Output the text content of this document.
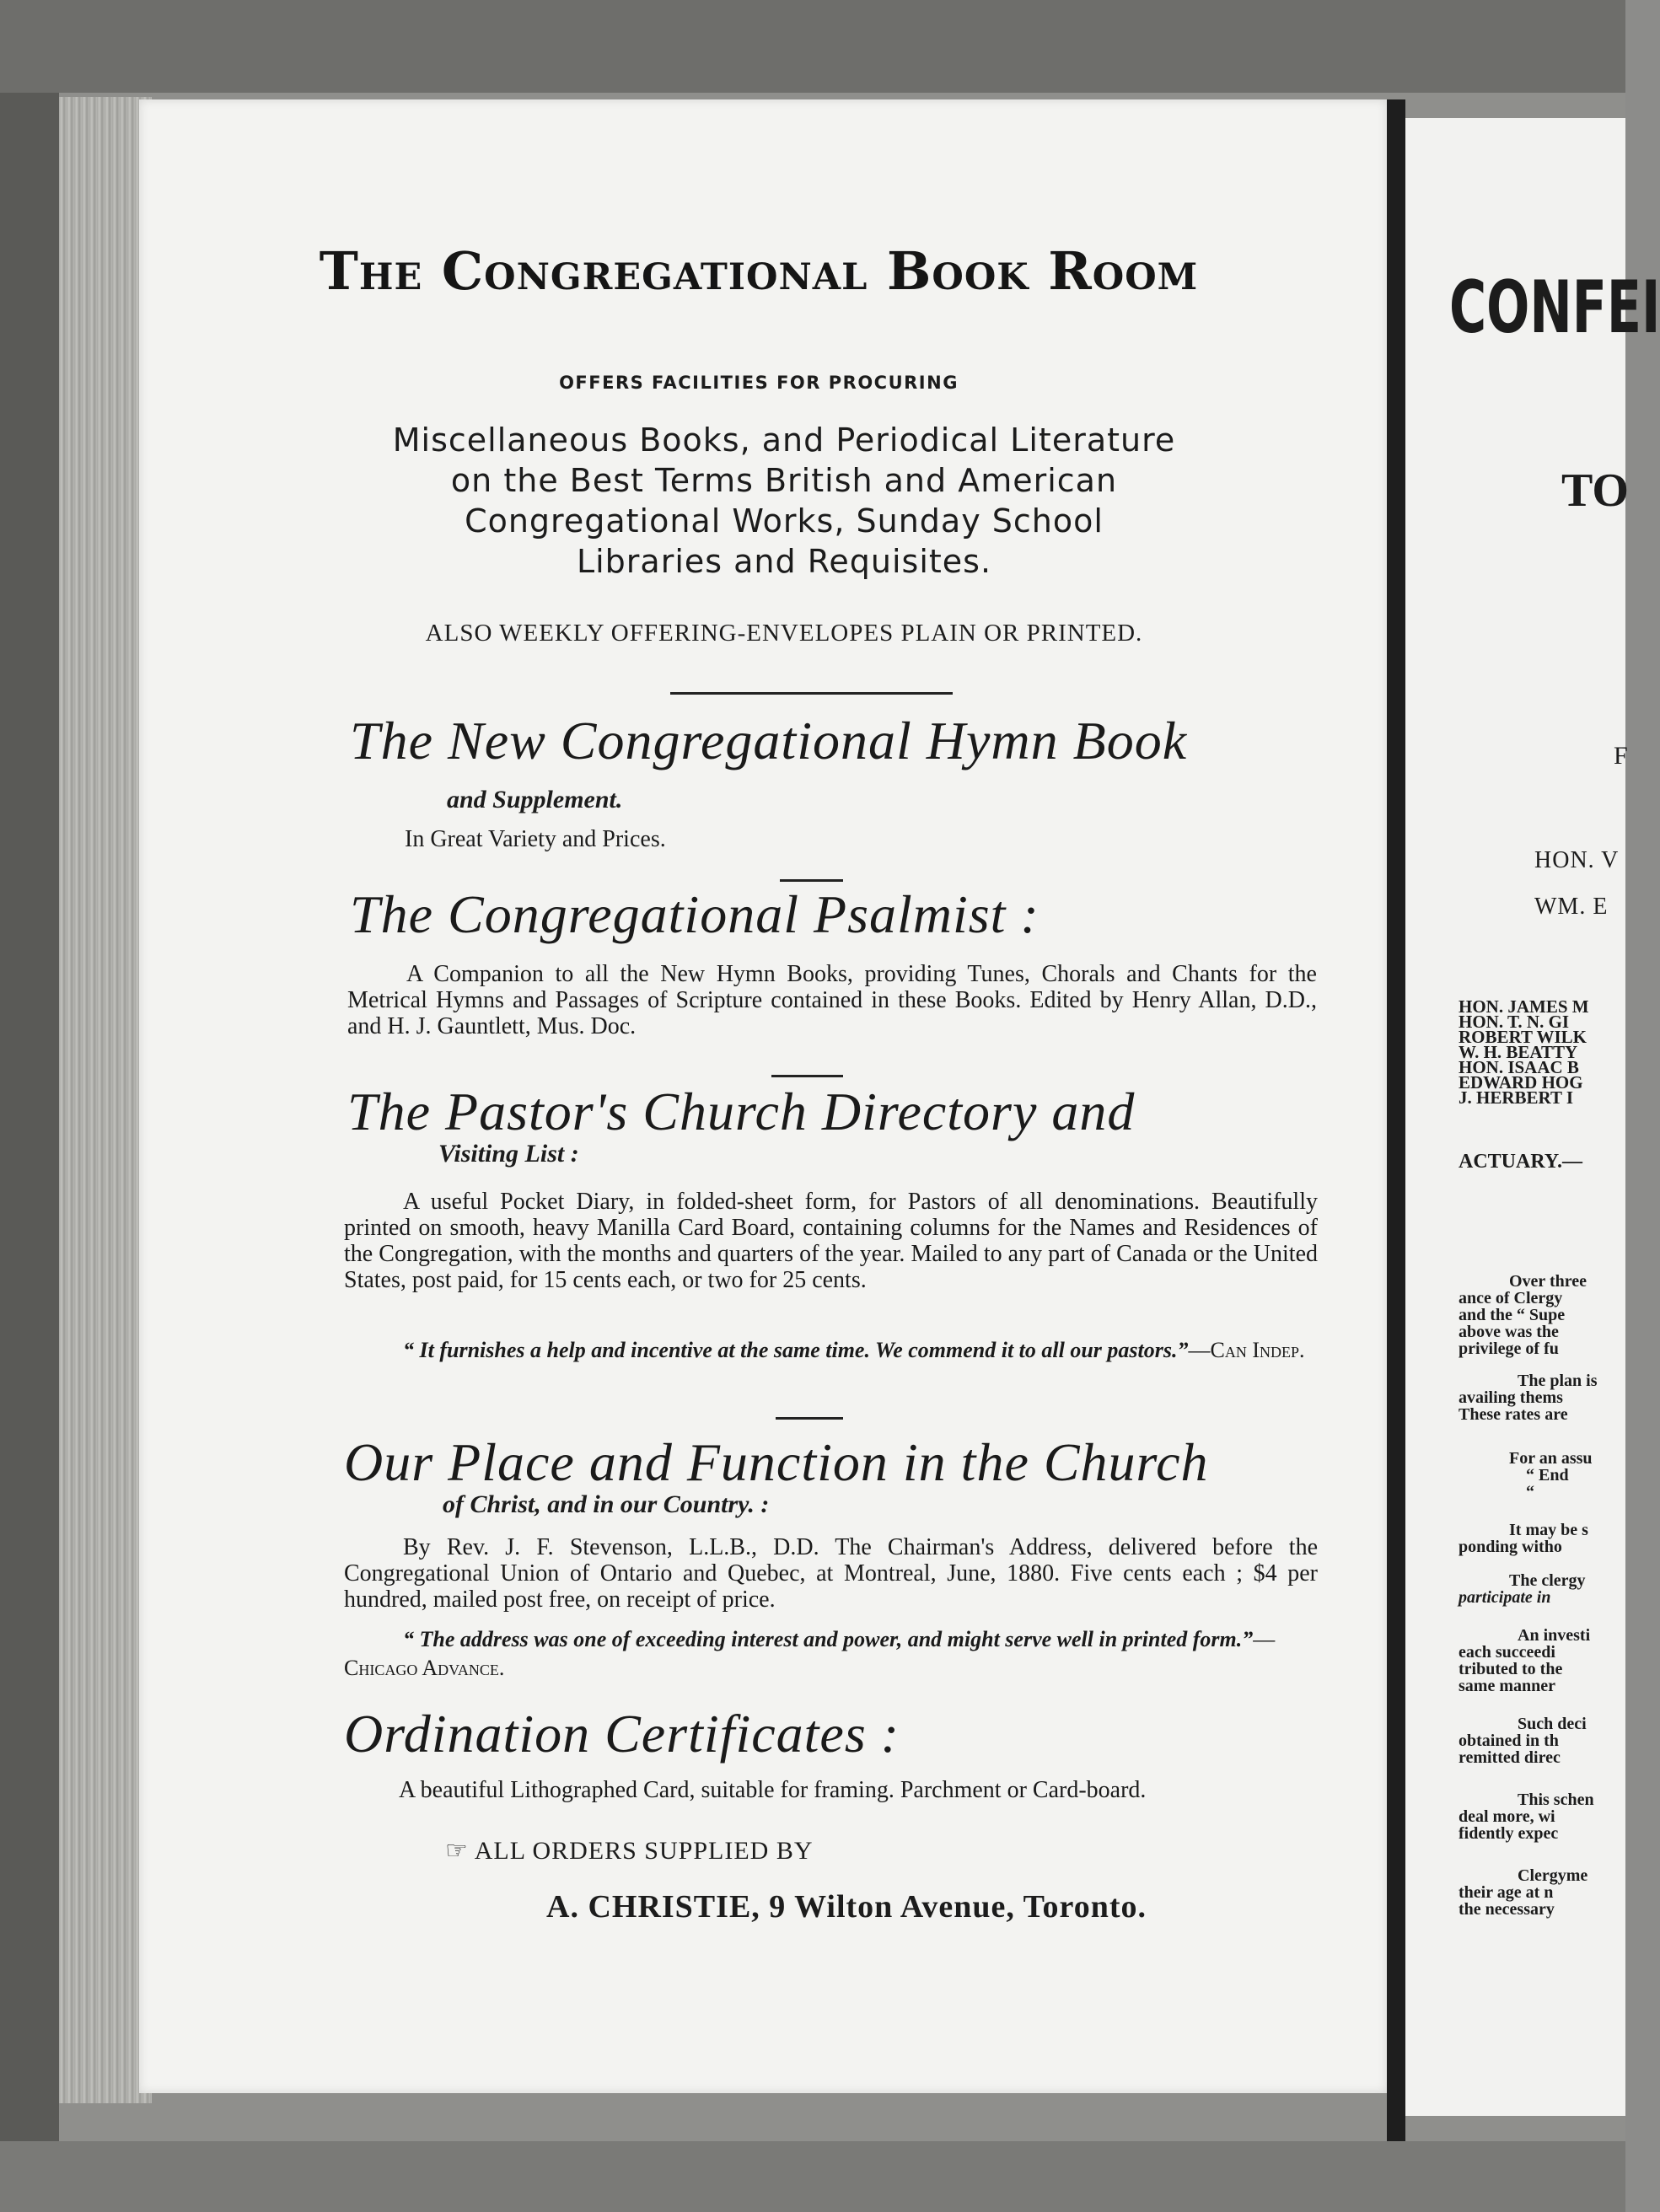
The Congregational Book Room
OFFERS FACILITIES FOR PROCURING
Miscellaneous Books, and Periodical Literature
on the Best Terms British and American
Congregational Works, Sunday School
Libraries and Requisites.
ALSO WEEKLY OFFERING-ENVELOPES PLAIN OR PRINTED.
The New Congregational Hymn Book
and Supplement.
In Great Variety and Prices.
The Congregational Psalmist :
A Companion to all the New Hymn Books, providing Tunes, Chorals and Chants for the Metrical Hymns and Passages of Scripture contained in these Books. Edited by Henry Allan, D.D., and H. J. Gauntlett, Mus. Doc.
The Pastor's Church Directory and
Visiting List :
A useful Pocket Diary, in folded-sheet form, for Pastors of all denominations. Beautifully printed on smooth, heavy Manilla Card Board, containing columns for the Names and Residences of the Congregation, with the months and quarters of the year. Mailed to any part of Canada or the United States, post paid, for 15 cents each, or two for 25 cents.
“ It furnishes a help and incentive at the same time. We commend it to all our pastors.”—Can Indep.
Our Place and Function in the Church
of Christ, and in our Country. :
By Rev. J. F. Stevenson, L.L.B., D.D. The Chairman's Address, delivered before the Congregational Union of Ontario and Quebec, at Montreal, June, 1880. Five cents each ; $4 per hundred, mailed post free, on receipt of price.
“ The address was one of exceeding interest and power, and might serve well in printed form.”—Chicago Advance.
Ordination Certificates :
A beautiful Lithographed Card, suitable for framing. Parchment or Card-board.
☞ ALL ORDERS SUPPLIED BY
A. CHRISTIE, 9 Wilton Avenue, Toronto.
CONFEI
TO
F
HON. V
WM. E
HON. JAMES M
HON. T. N. GI
ROBERT WILK
W. H. BEATTY
HON. ISAAC B
EDWARD HOG
J. HERBERT I
ACTUARY.—
Over three
ance of Clergy
and the “ Supe
above was the
privilege of fu
The plan is
availing thems
These rates are
For an assu
“ End
“
It may be s
ponding witho
The clergy
participate in
An investi
each succeedi
tributed to the
same manner
Such deci
obtained in th
remitted direc
This schen
deal more, wi
fidently expec
Clergyme
their age at n
the necessary
